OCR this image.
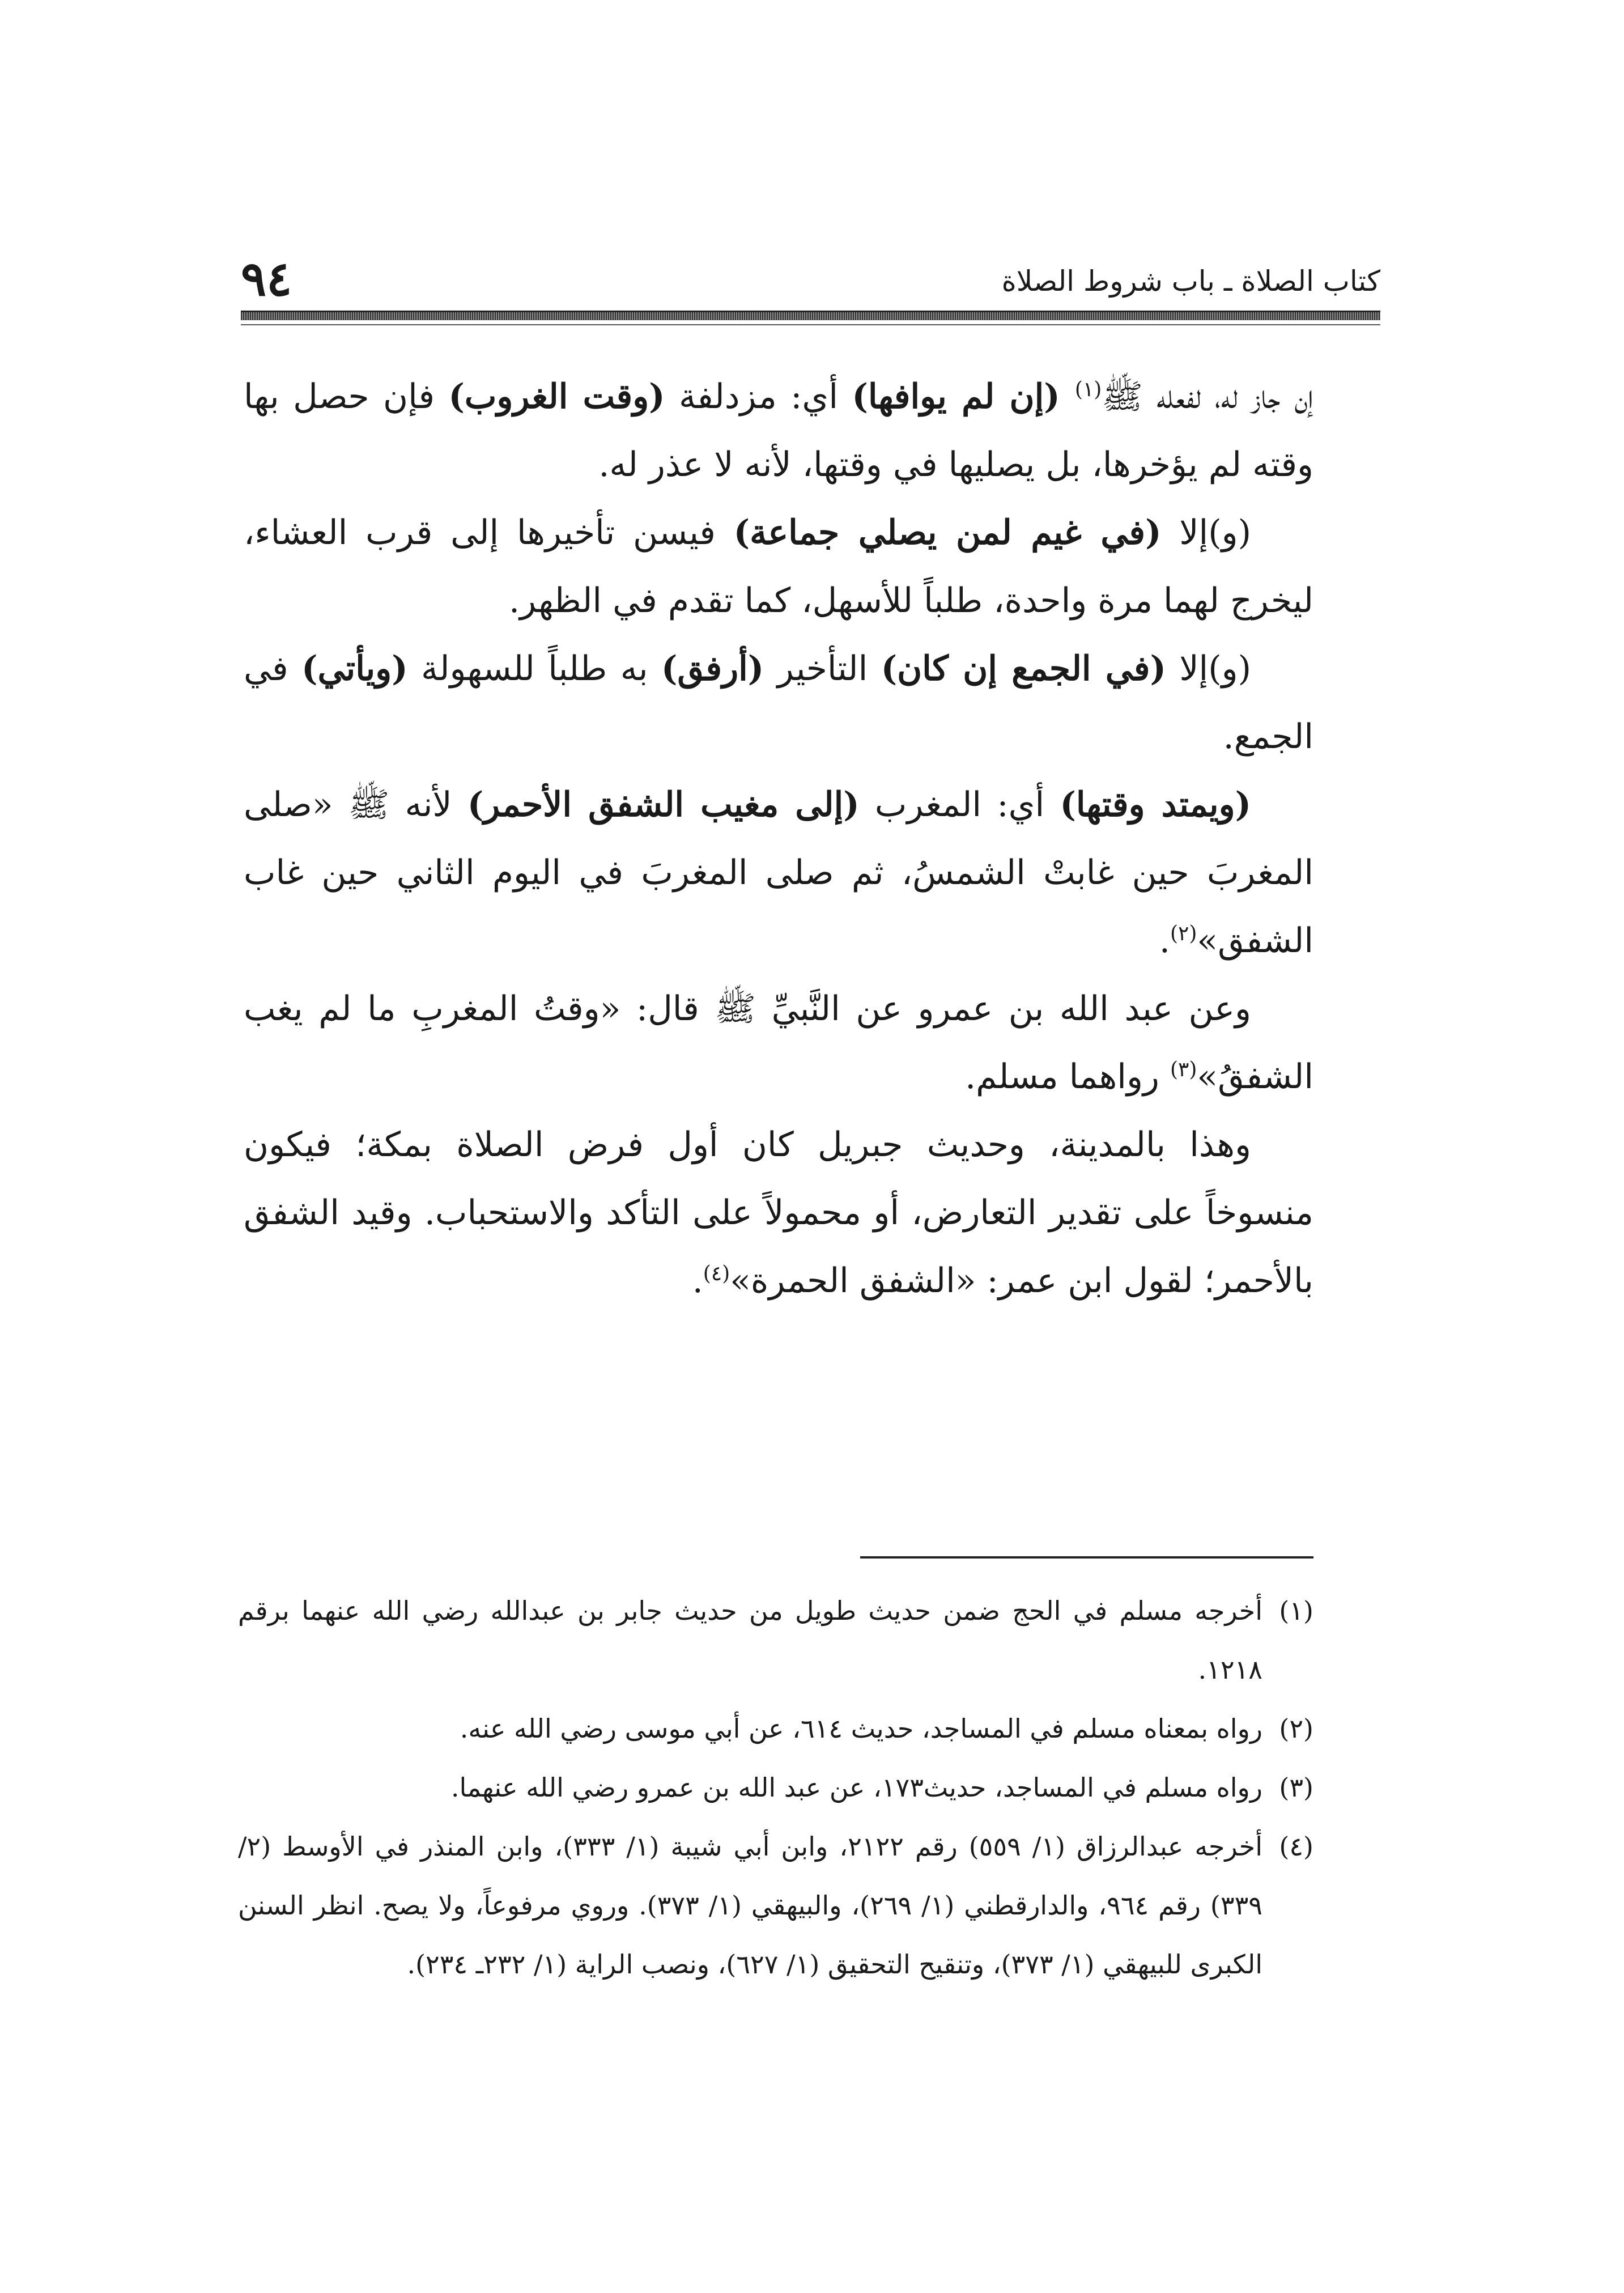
كتاب الصلاة ـ باب شروط الصلاة
٩٤

إن جاز له، لفعله ﷺ$^{(١)}$ (إن لم يوافها) أي: مزدلفة (وقت الغروب) فإن حصل بها وقته لم يؤخرها، بل يصليها في وقتها، لأنه لا عذر له.

(و)إلا (في غيم لمن يصلي جماعة) فيسن تأخيرها إلى قرب العشاء، ليخرج لهما مرة واحدة، طلباً للأسهل، كما تقدم في الظهر.

(و)إلا (في الجمع إن كان) التأخير (أرفق) به طلباً للسهولة (ويأتي) في الجمع.

(ويمتد وقتها) أي: المغرب (إلى مغيب الشفق الأحمر) لأنه ﷺ «صلى المغربَ حين غابتْ الشمسُ، ثم صلى المغربَ في اليوم الثاني حين غاب الشفق»$^{(٢)}$.

وعن عبد الله بن عمرو عن النَّبيِّ ﷺ قال: «وقتُ المغربِ ما لم يغب الشفقُ»$^{(٣)}$ رواهما مسلم.

وهذا بالمدينة، وحديث جبريل كان أول فرض الصلاة بمكة؛ فيكون منسوخاً على تقدير التعارض، أو محمولاً على التأكد والاستحباب. وقيد الشفق بالأحمر؛ لقول ابن عمر: «الشفق الحمرة»$^{(٤)}$.

(١)
أخرجه مسلم في الحج ضمن حديث طويل من حديث جابر بن عبدالله رضي الله عنهما برقم ١٢١٨.
(٢)
رواه بمعناه مسلم في المساجد، حديث ٦١٤، عن أبي موسى رضي الله عنه.
(٣)
رواه مسلم في المساجد، حديث١٧٣، عن عبد الله بن عمرو رضي الله عنهما.
(٤)
أخرجه عبدالرزاق (١/ ٥٥٩) رقم ٢١٢٢، وابن أبي شيبة (١/ ٣٣٣)، وابن المنذر في الأوسط (٢/ ٣٣٩) رقم ٩٦٤، والدارقطني (١/ ٢٦٩)، والبيهقي (١/ ٣٧٣). وروي مرفوعاً، ولا يصح. انظر السنن الكبرى للبيهقي (١/ ٣٧٣)، وتنقيح التحقيق (١/ ٦٢٧)، ونصب الراية (١/ ٢٣٢ـ ٢٣٤).
